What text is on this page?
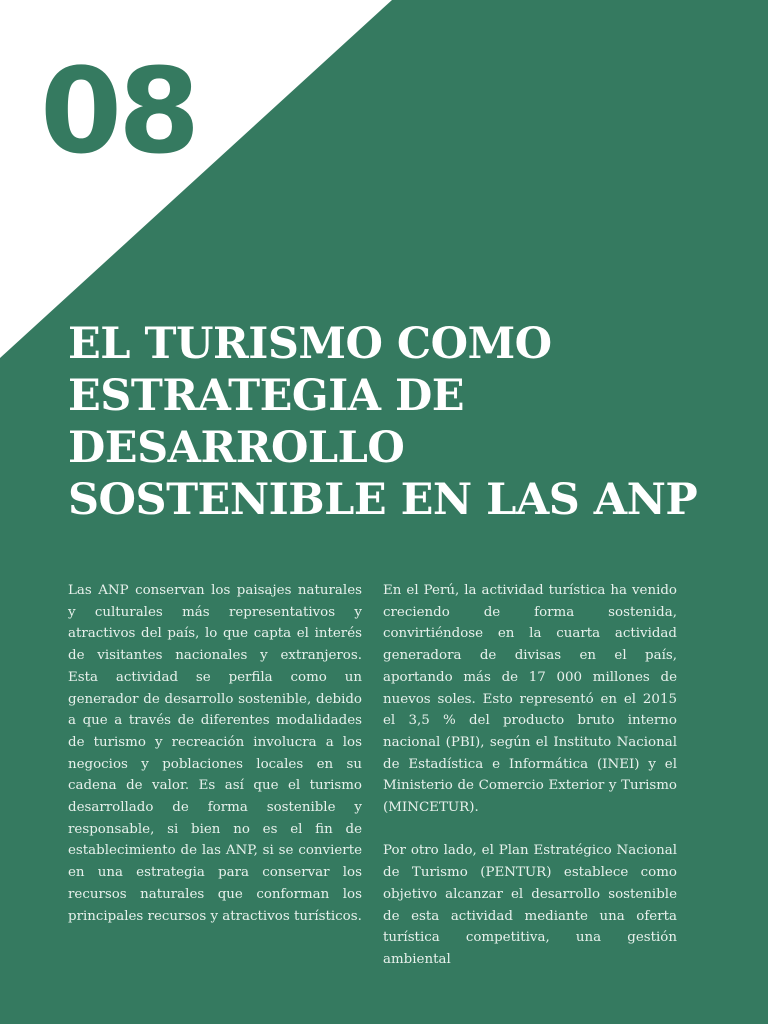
08
EL TURISMO COMO
ESTRATEGIA DE
DESARROLLO
SOSTENIBLE EN LAS ANP

Las ANP conservan los paisajes naturales y culturales más representativos y atractivos del país, lo que capta el interés de visitantes nacionales y extranjeros. Esta actividad se perfila como un generador de desarrollo sostenible, debido a que a través de diferentes modalidades de turismo y recreación involucra a los negocios y poblaciones locales en su cadena de valor. Es así que el turismo desarrollado de forma sostenible y responsable, si bien no es el fin de establecimiento de las ANP, si se convierte en una estrategia para conservar los recursos naturales que conforman los principales recursos y atractivos turísticos.

En el Perú, la actividad turística ha venido creciendo de forma sostenida, convirtiéndose en la cuarta actividad generadora de divisas en el país, aportando más de 17 000 millones de nuevos soles. Esto representó en el 2015 el 3,5 % del producto bruto interno nacional (PBI), según el Instituto Nacional de Estadística e Informática (INEI) y el Ministerio de Comercio Exterior y Turismo (MINCETUR).

Por otro lado, el Plan Estratégico Nacional de Turismo (PENTUR) establece como objetivo alcanzar el desarrollo sostenible de esta actividad mediante una oferta turística competitiva, una gestión ambiental
